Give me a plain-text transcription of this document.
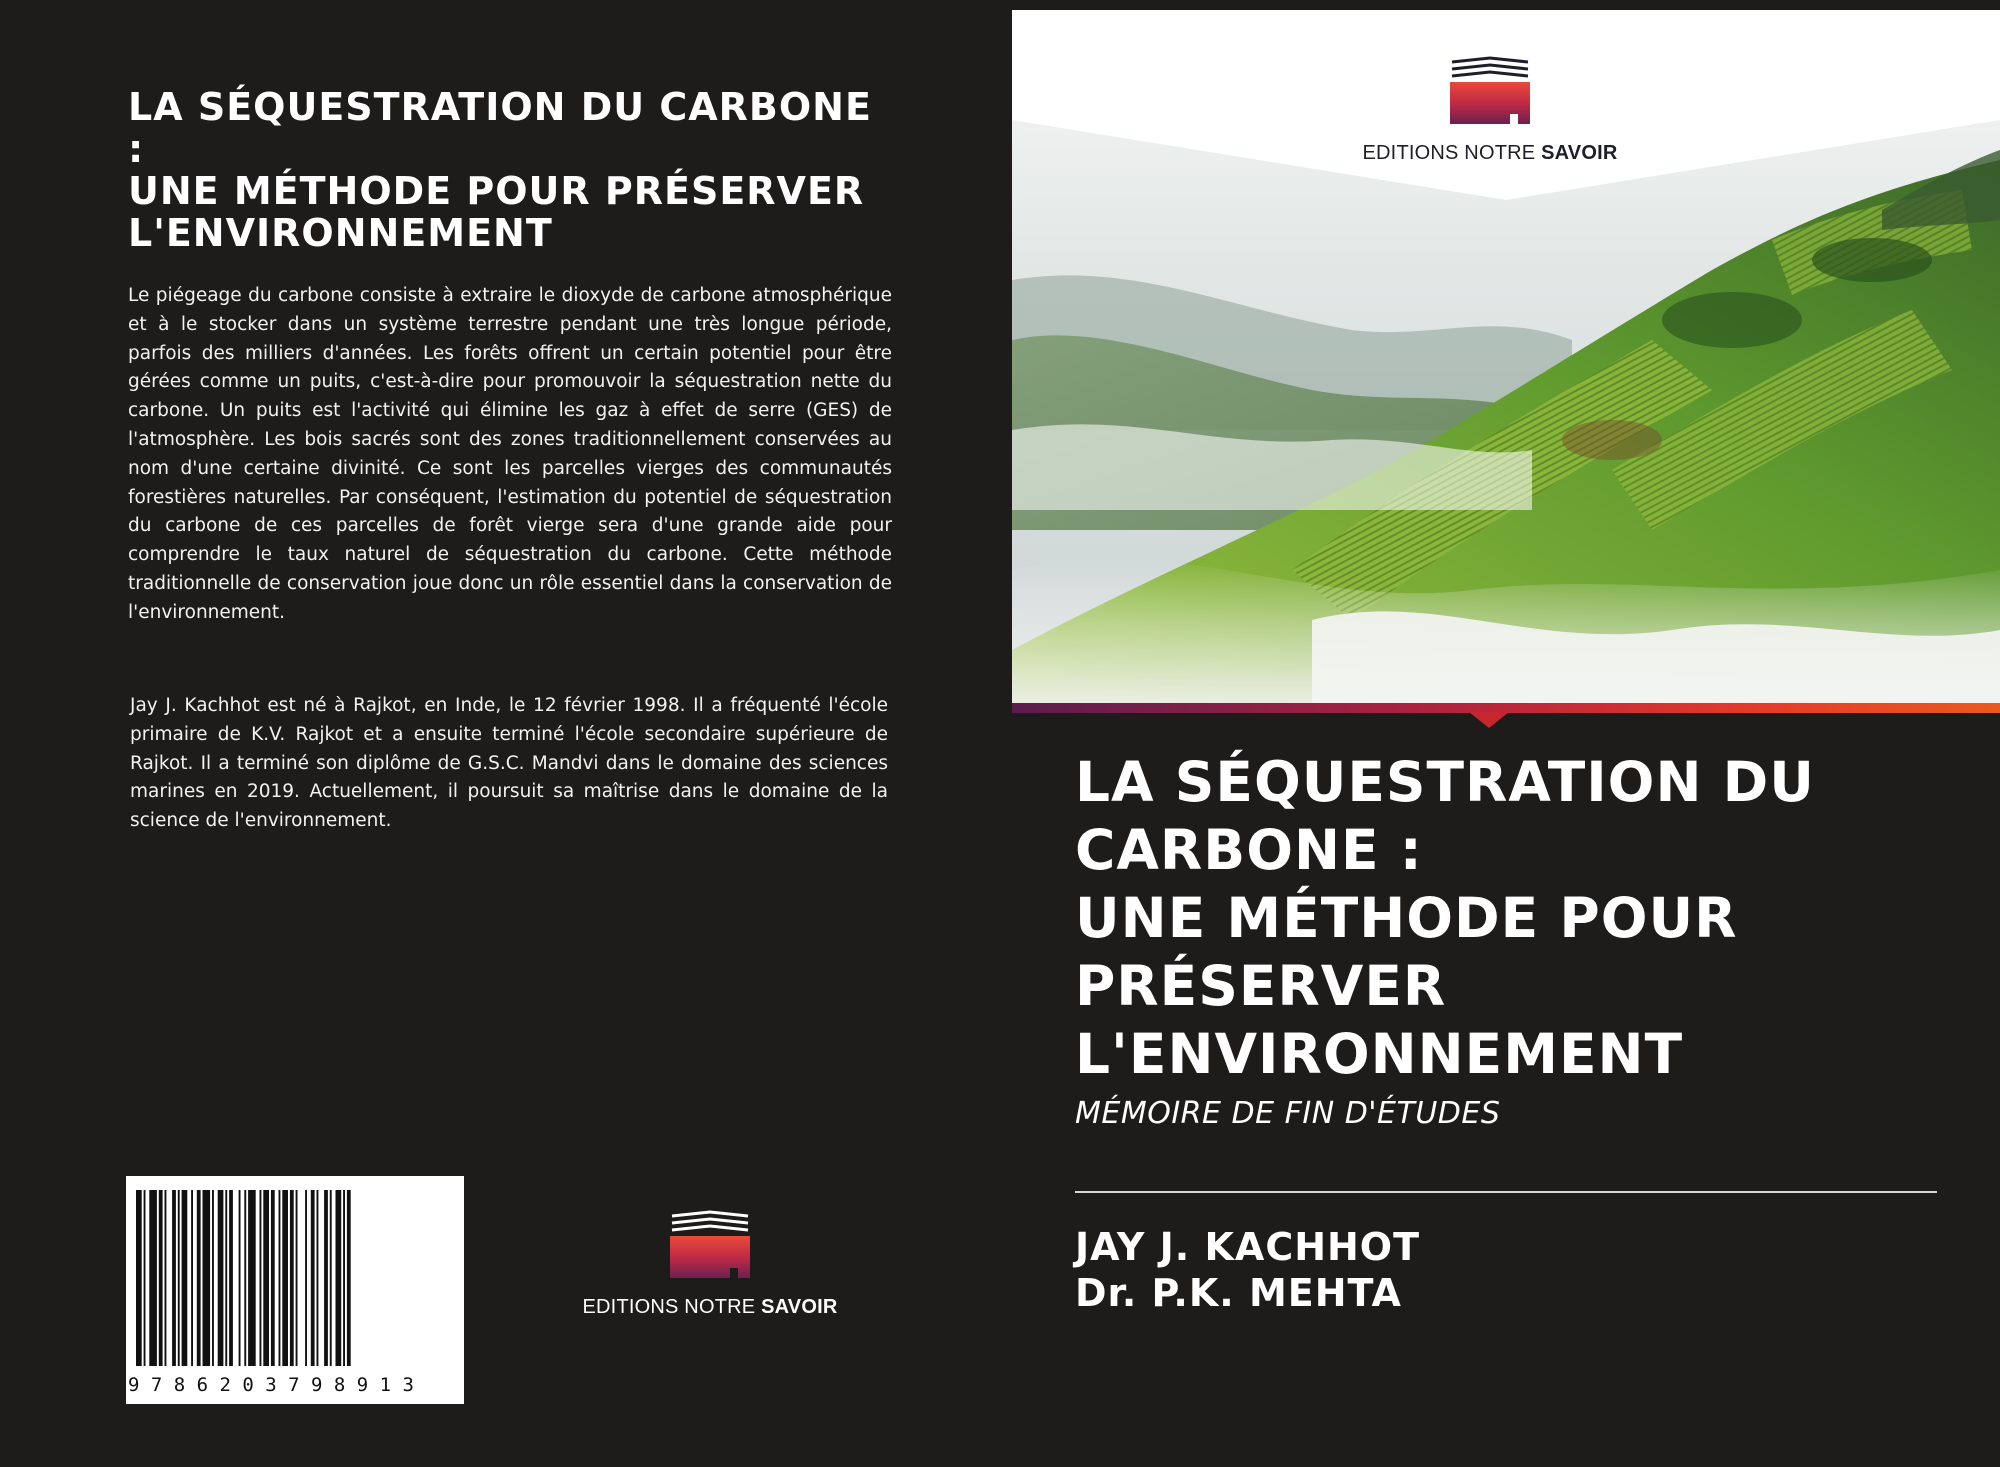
LA SÉQUESTRATION DU CARBONE
:
UNE MÉTHODE POUR PRÉSERVER
L'ENVIRONNEMENT

Le piégeage du carbone consiste à extraire le dioxyde de carbone atmosphérique et à le stocker dans un système terrestre pendant une très longue période, parfois des milliers d'années. Les forêts offrent un certain potentiel pour être gérées comme un puits, c'est-à-dire pour promouvoir la séquestration nette du carbone. Un puits est l'activité qui élimine les gaz à effet de serre (GES) de l'atmosphère. Les bois sacrés sont des zones traditionnellement conservées au nom d'une certaine divinité. Ce sont les parcelles vierges des communautés forestières naturelles. Par conséquent, l'estimation du potentiel de séquestration du carbone de ces parcelles de forêt vierge sera d'une grande aide pour comprendre le taux naturel de séquestration du carbone. Cette méthode traditionnelle de conservation joue donc un rôle essentiel dans la conservation de l'environnement.

Jay J. Kachhot est né à Rajkot, en Inde, le 12 février 1998. Il a fréquenté l'école primaire de K.V. Rajkot et a ensuite terminé l'école secondaire supérieure de Rajkot. Il a terminé son diplôme de G.S.C. Mandvi dans le domaine des sciences marines en 2019. Actuellement, il poursuit sa maîtrise dans le domaine de la science de l'environnement.

9 7 8 6 2 0 3 7 9 8 9 1 3
EDITIONS NOTRE SAVOIR
EDITIONS NOTRE SAVOIR
LA SÉQUESTRATION DU
CARBONE :
UNE MÉTHODE POUR
PRÉSERVER
L'ENVIRONNEMENT
MÉMOIRE DE FIN D'ÉTUDES
JAY J. KACHHOT
Dr. P.K. MEHTA
